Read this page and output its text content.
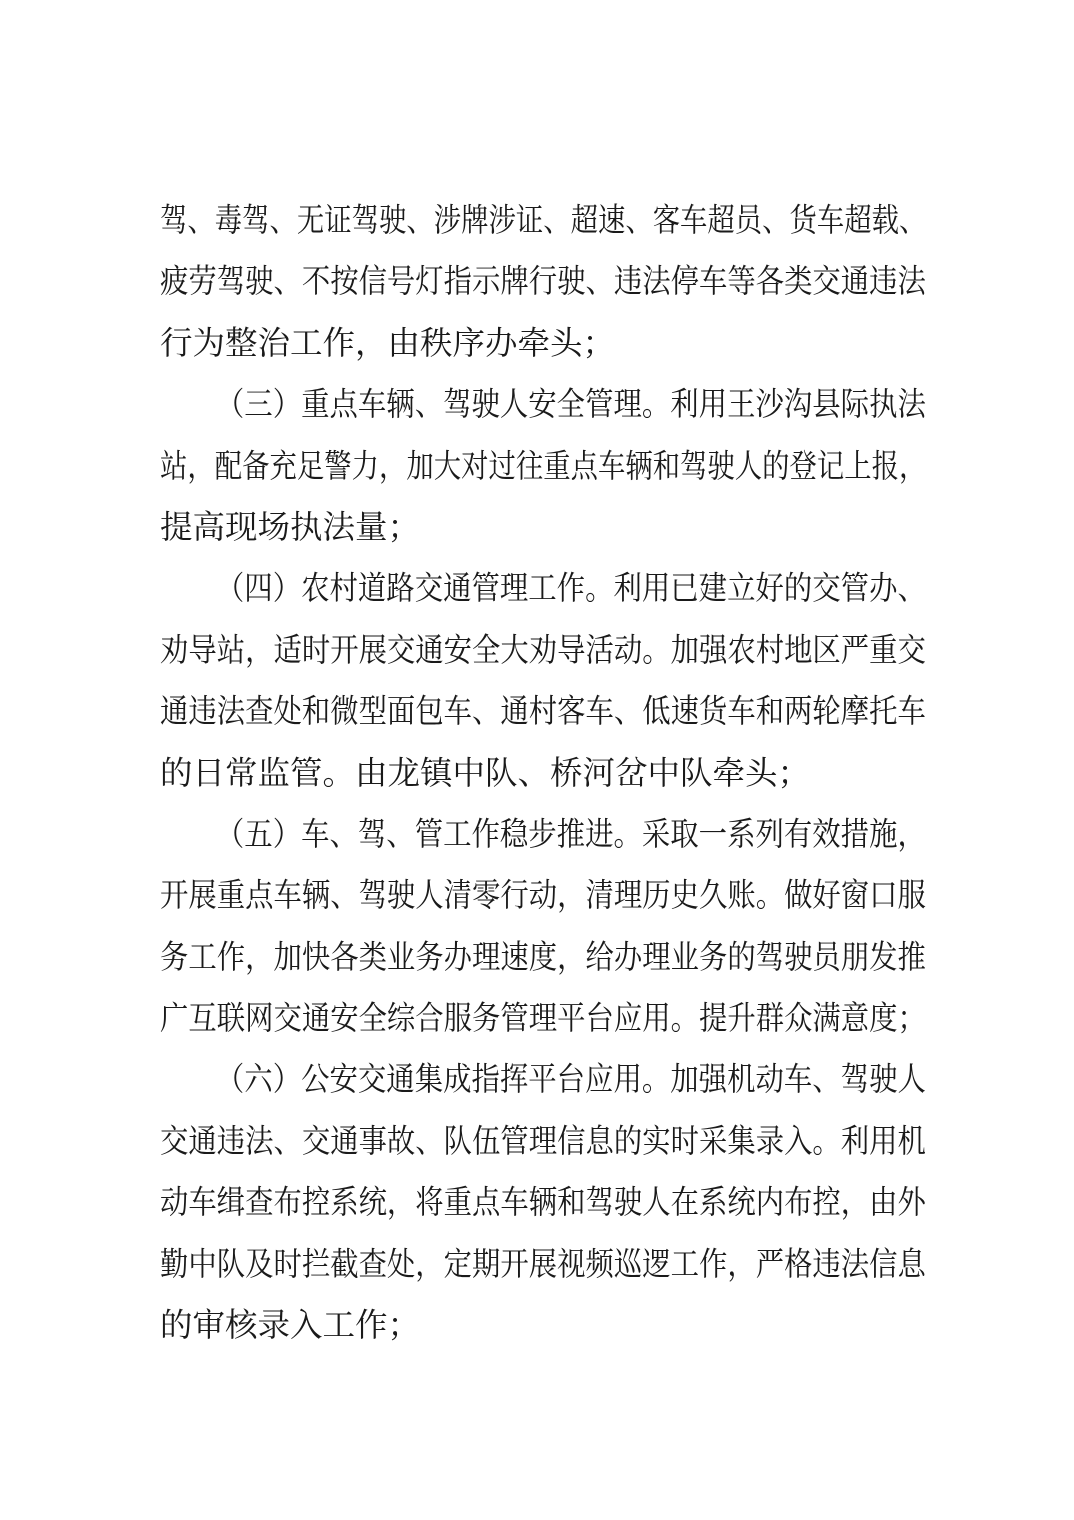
驾 、 毒 驾 、 无 证 驾 驶 、 涉 牌 涉 证 、 超 速 、 客 车 超 员 、 货 车 超 载 、
疲 劳 驾 驶 、 不 按 信 号 灯 指 示 牌 行 驶 、 违 法 停 车 等 各 类 交 通 违 法
行为整治工作，由秩序办牵头；
（ 三 ） 重 点 车 辆 、 驾 驶 人 安 全 管 理 。 利 用 王 沙 沟 县 际 执 法
站 ， 配 备 充 足 警 力 ， 加 大 对 过 往 重 点 车 辆 和 驾 驶 人 的 登 记 上 报 ，
提高现场执法量；
（ 四 ） 农 村 道 路 交 通 管 理 工 作 。 利 用 已 建 立 好 的 交 管 办 、
劝 导 站 ， 适 时 开 展 交 通 安 全 大 劝 导 活 动 。 加 强 农 村 地 区 严 重 交
通 违 法 查 处 和 微 型 面 包 车 、 通 村 客 车 、 低 速 货 车 和 两 轮 摩 托 车
的日常监管。由龙镇中队、桥河岔中队牵头；
（ 五 ） 车 、 驾 、 管 工 作 稳 步 推 进 。 采 取 一 系 列 有 效 措 施 ，
开 展 重 点 车 辆 、 驾 驶 人 清 零 行 动 ， 清 理 历 史 久 账 。 做 好 窗 口 服
务 工 作 ， 加 快 各 类 业 务 办 理 速 度 ， 给 办 理 业 务 的 驾 驶 员 朋 发 推
广 互 联 网 交 通 安 全 综 合 服 务 管 理 平 台 应 用 。 提 升 群 众 满 意 度 ；
（ 六 ） 公 安 交 通 集 成 指 挥 平 台 应 用 。 加 强 机 动 车 、 驾 驶 人
交 通 违 法 、 交 通 事 故 、 队 伍 管 理 信 息 的 实 时 采 集 录 入 。 利 用 机
动 车 缉 查 布 控 系 统 ， 将 重 点 车 辆 和 驾 驶 人 在 系 统 内 布 控 ， 由 外
勤 中 队 及 时 拦 截 查 处 ， 定 期 开 展 视 频 巡 逻 工 作 ， 严 格 违 法 信 息
的审核录入工作；
